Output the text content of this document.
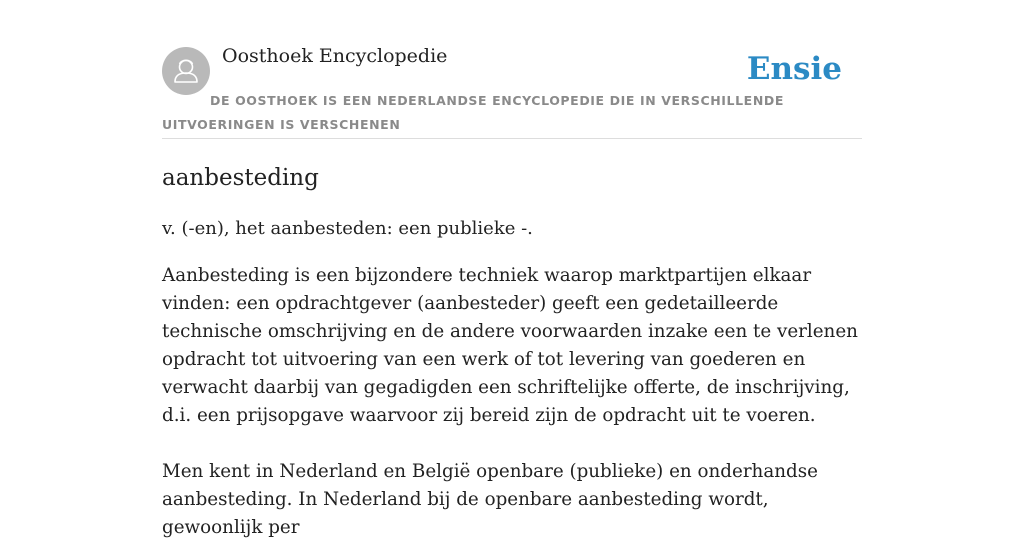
Oosthoek Encyclopedie	Ensie
DE OOSTHOEK IS EEN NEDERLANDSE ENCYCLOPEDIE DIE IN VERSCHILLENDE UITVOERINGEN IS VERSCHENEN
aanbesteding

v. (-en), het aanbesteden: een publieke -.

Aanbesteding is een bijzondere techniek waarop marktpartijen elkaar vinden: een opdrachtgever (aanbesteder) geeft een gedetailleerde technische omschrijving en de andere voorwaarden inzake een te verlenen opdracht tot uitvoering van een werk of tot levering van goederen en verwacht daarbij van gegadigden een schriftelijke offerte, de inschrijving, d.i. een prijsopgave waarvoor zij bereid zijn de opdracht uit te voeren.

Men kent in Nederland en België openbare (publieke) en onderhandse aanbesteding. In Nederland bij de openbare aanbesteding wordt, gewoonlijk per
